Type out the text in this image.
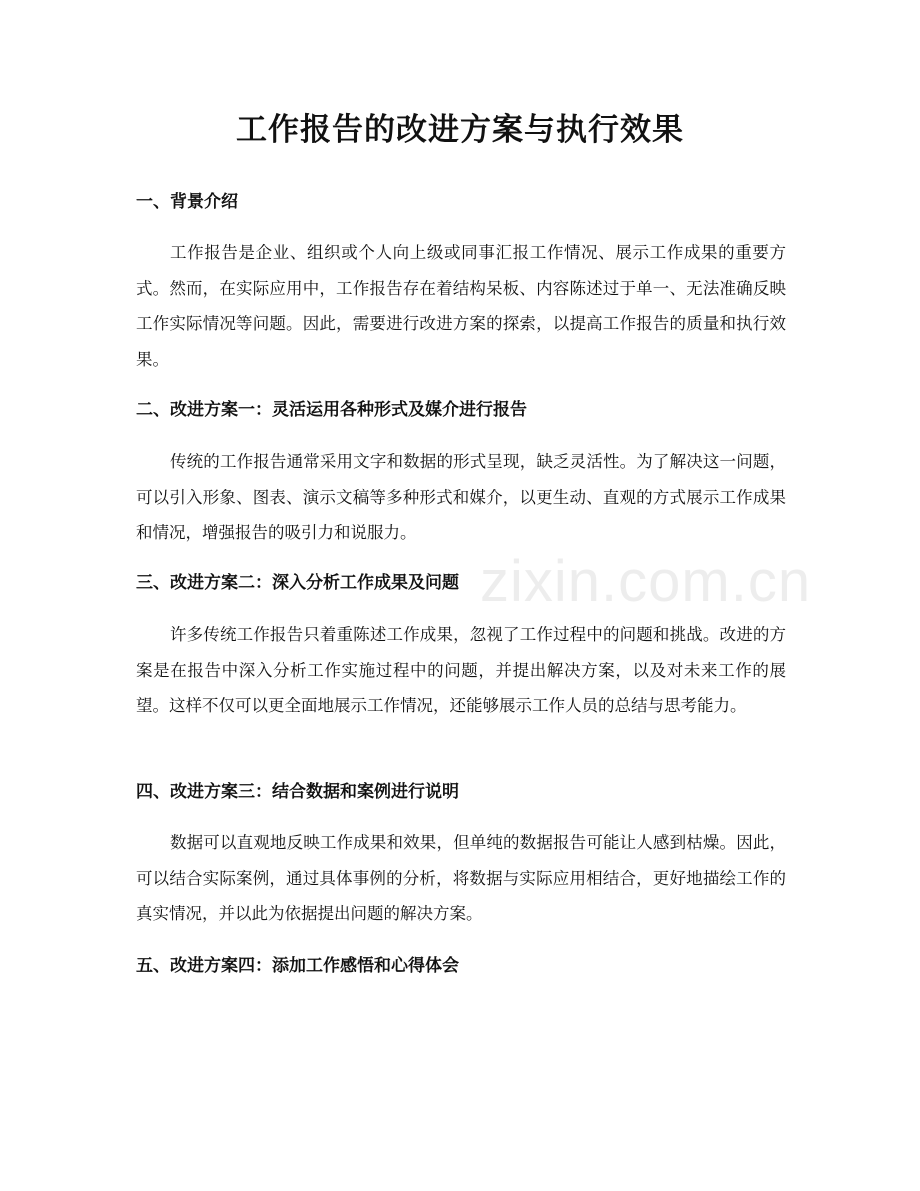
zixin.com.cn
工作报告的改进方案与执行效果
一、背景介绍

工作报告是企业、组织或个人向上级或同事汇报工作情况、展示工作成果的重要方式。然而，在实际应用中，工作报告存在着结构呆板、内容陈述过于单一、无法准确反映工作实际情况等问题。因此，需要进行改进方案的探索，以提高工作报告的质量和执行效果。

二、改进方案一：灵活运用各种形式及媒介进行报告

传统的工作报告通常采用文字和数据的形式呈现，缺乏灵活性。为了解决这一问题，可以引入形象、图表、演示文稿等多种形式和媒介，以更生动、直观的方式展示工作成果和情况，增强报告的吸引力和说服力。

三、改进方案二：深入分析工作成果及问题

许多传统工作报告只着重陈述工作成果，忽视了工作过程中的问题和挑战。改进的方案是在报告中深入分析工作实施过程中的问题，并提出解决方案，以及对未来工作的展望。这样不仅可以更全面地展示工作情况，还能够展示工作人员的总结与思考能力。

四、改进方案三：结合数据和案例进行说明

数据可以直观地反映工作成果和效果，但单纯的数据报告可能让人感到枯燥。因此，可以结合实际案例，通过具体事例的分析，将数据与实际应用相结合，更好地描绘工作的真实情况，并以此为依据提出问题的解决方案。

五、改进方案四：添加工作感悟和心得体会
